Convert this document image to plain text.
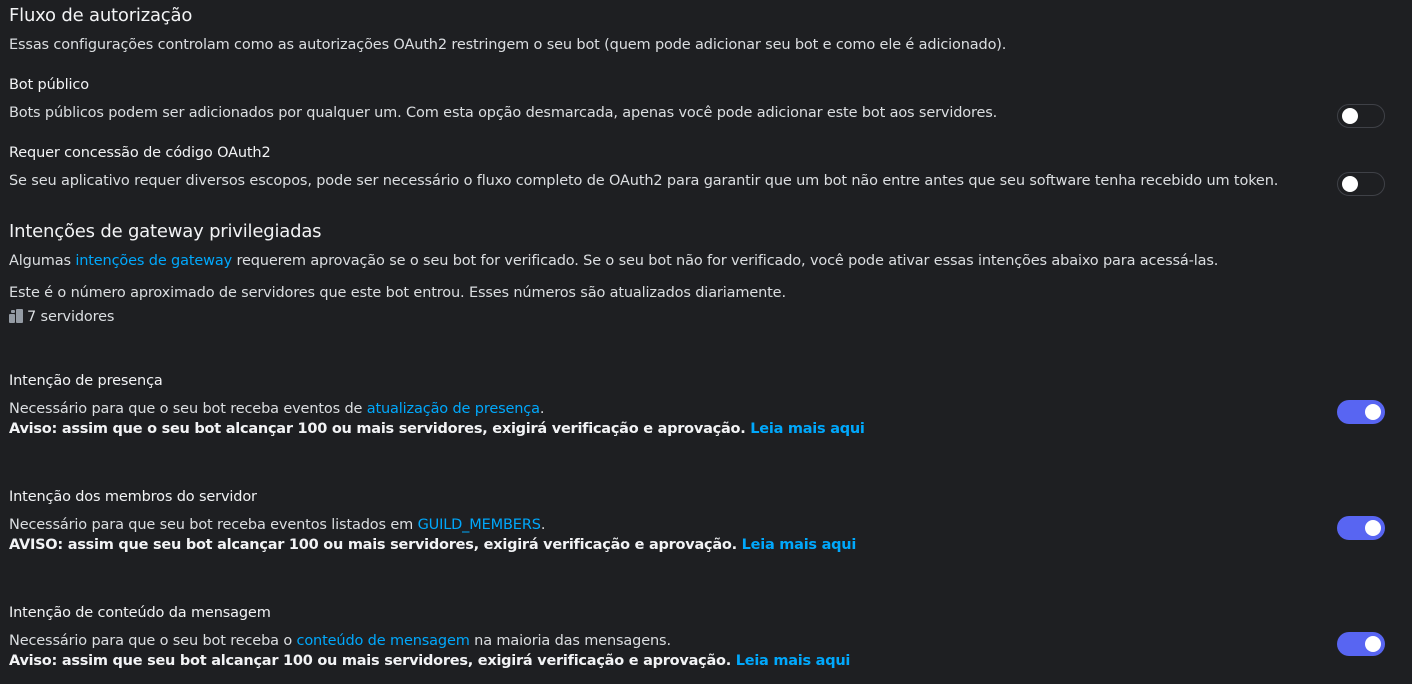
Fluxo de autorização
Essas configurações controlam como as autorizações OAuth2 restringem o seu bot (quem pode adicionar seu bot e como ele é adicionado).
Bot público
Bots públicos podem ser adicionados por qualquer um. Com esta opção desmarcada, apenas você pode adicionar este bot aos servidores.
Requer concessão de código OAuth2
Se seu aplicativo requer diversos escopos, pode ser necessário o fluxo completo de OAuth2 para garantir que um bot não entre antes que seu software tenha recebido um token.
Intenções de gateway privilegiadas
Algumas intenções de gateway requerem aprovação se o seu bot for verificado. Se o seu bot não for verificado, você pode ativar essas intenções abaixo para acessá-las.
Este é o número aproximado de servidores que este bot entrou. Esses números são atualizados diariamente.
7 servidores
Intenção de presença
Necessário para que o seu bot receba eventos de atualização de presença.
Aviso: assim que o seu bot alcançar 100 ou mais servidores, exigirá verificação e aprovação. Leia mais aqui
Intenção dos membros do servidor
Necessário para que seu bot receba eventos listados em GUILD_MEMBERS.
AVISO: assim que seu bot alcançar 100 ou mais servidores, exigirá verificação e aprovação. Leia mais aqui
Intenção de conteúdo da mensagem
Necessário para que o seu bot receba o conteúdo de mensagem na maioria das mensagens.
Aviso: assim que seu bot alcançar 100 ou mais servidores, exigirá verificação e aprovação. Leia mais aqui
